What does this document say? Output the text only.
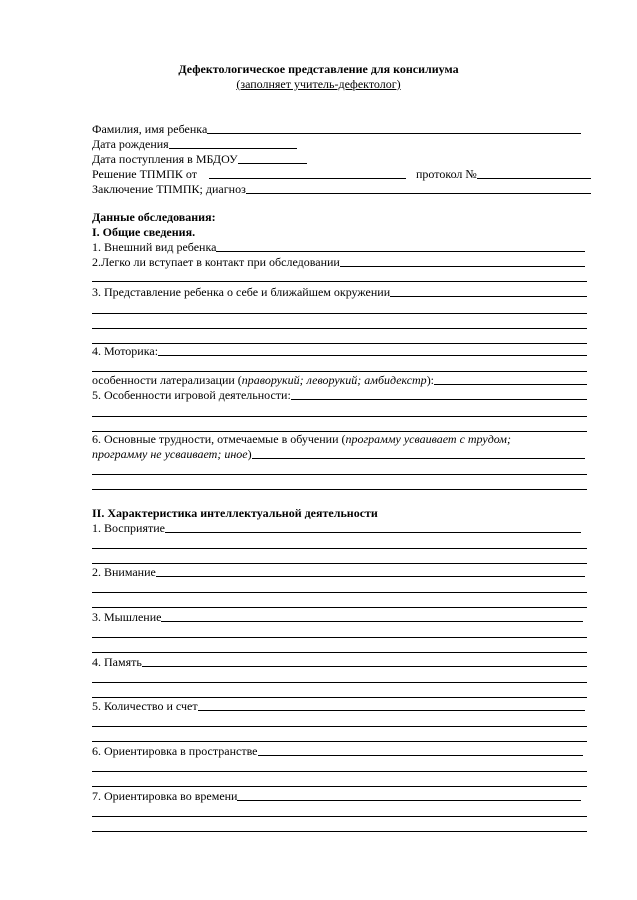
Дефектологическое представление для консилиума

(заполняет учитель-дефектолог)

Фамилия, имя ребенка
Дата рождения
Дата поступления в МБДОУ
Решение ТПМПК от	протокол №
Заключение ТПМПК; диагноз

Данные обследования:

I. Общие сведения.

1. Внешний вид ребенка
2.Легко ли вступает в контакт при обследовании
3. Представление ребенка о себе и ближайшем окружении
4. Моторика:
особенности латерализации ( праворукий; леворукий; амбидекстр ):
5. Особенности игровой деятельности:

6. Основные трудности, отмечаемые в обучении (программу усваивает с трудом;

программу не усваивает; иное )

II. Характеристика интеллектуальной деятельности

1. Восприятие
2. Внимание
3. Мышление
4. Память
5. Количество и счет
6. Ориентировка в пространстве
7. Ориентировка во времени
